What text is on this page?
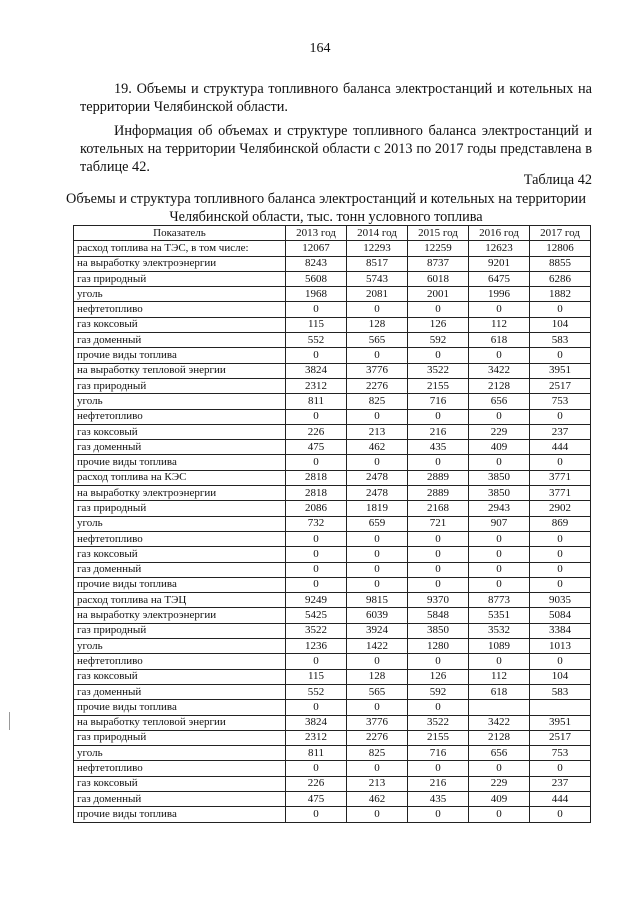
164
19. Объемы и структура топливного баланса электростанций и котельных на территории Челябинской области.
Информация об объемах и структуре топливного баланса электростанций и котельных на территории Челябинской области с 2013 по 2017 годы представлена в таблице 42.
Таблица 42
Объемы и структура топливного баланса электростанций и котельных на территории Челябинской области, тыс. тонн условного топлива
Показатель	2013 год	2014 год	2015 год	2016 год	2017 год
расход топлива на ТЭС, в том числе:	12067	12293	12259	12623	12806
на выработку электроэнергии	8243	8517	8737	9201	8855
газ природный	5608	5743	6018	6475	6286
уголь	1968	2081	2001	1996	1882
нефтетопливо	0	0	0	0	0
газ коксовый	115	128	126	112	104
газ доменный	552	565	592	618	583
прочие виды топлива	0	0	0	0	0
на выработку тепловой энергии	3824	3776	3522	3422	3951
газ природный	2312	2276	2155	2128	2517
уголь	811	825	716	656	753
нефтетопливо	0	0	0	0	0
газ коксовый	226	213	216	229	237
газ доменный	475	462	435	409	444
прочие виды топлива	0	0	0	0	0
расход топлива на КЭС	2818	2478	2889	3850	3771
на выработку электроэнергии	2818	2478	2889	3850	3771
газ природный	2086	1819	2168	2943	2902
уголь	732	659	721	907	869
нефтетопливо	0	0	0	0	0
газ коксовый	0	0	0	0	0
газ доменный	0	0	0	0	0
прочие виды топлива	0	0	0	0	0
расход топлива на ТЭЦ	9249	9815	9370	8773	9035
на выработку электроэнергии	5425	6039	5848	5351	5084
газ природный	3522	3924	3850	3532	3384
уголь	1236	1422	1280	1089	1013
нефтетопливо	0	0	0	0	0
газ коксовый	115	128	126	112	104
газ доменный	552	565	592	618	583
прочие виды топлива	0	0	0		
на выработку тепловой энергии	3824	3776	3522	3422	3951
газ природный	2312	2276	2155	2128	2517
уголь	811	825	716	656	753
нефтетопливо	0	0	0	0	0
газ коксовый	226	213	216	229	237
газ доменный	475	462	435	409	444
прочие виды топлива	0	0	0	0	0
